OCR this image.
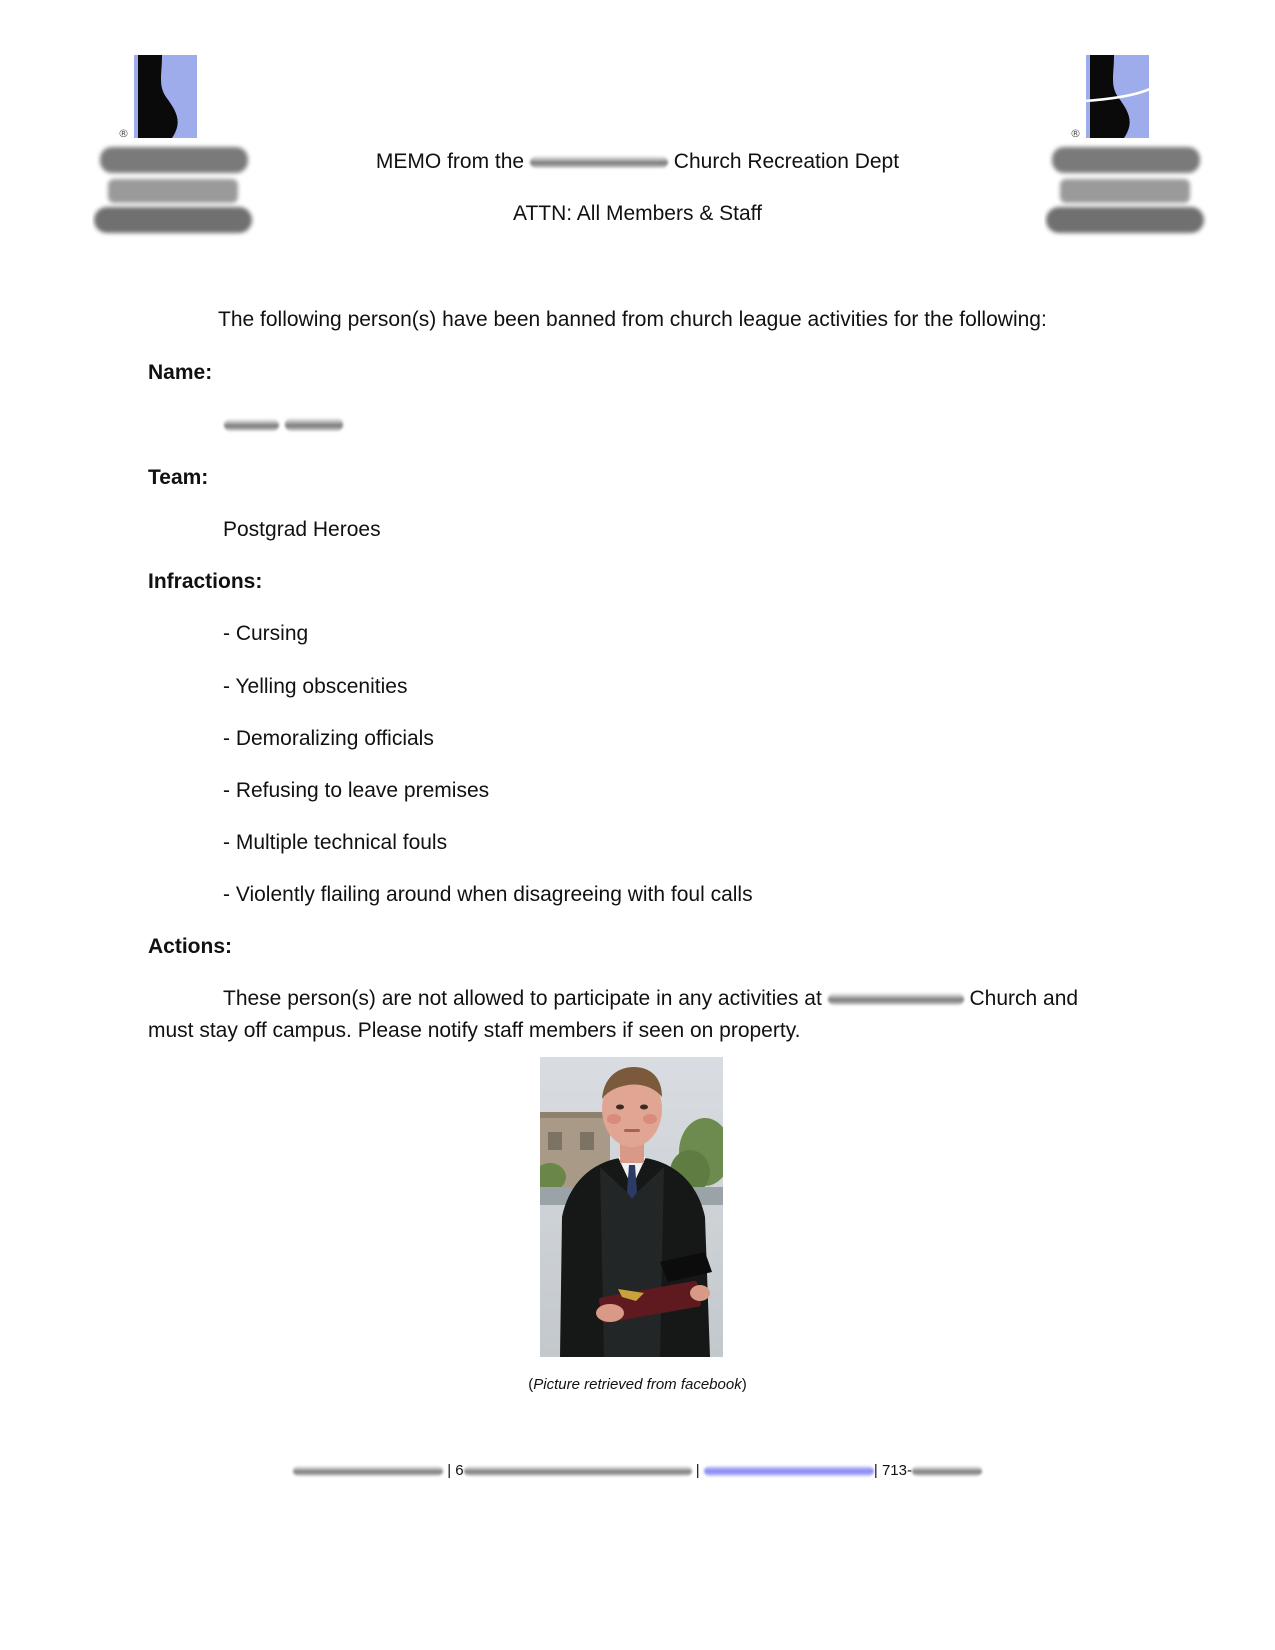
®	®
MEMO from the	Church Recreation Dept
ATTN: All Members & Staff
The following person(s) have been banned from church league activities for the following:
Name:

Team:
Postgrad Heroes
Infractions:
- Cursing
- Yelling obscenities
- Demoralizing officials
- Refusing to leave premises
- Multiple technical fouls
- Violently flailing around when disagreeing with foul calls
Actions:
These person(s) are not allowed to participate in any activities at	Church and
must stay off campus. Please notify staff members if seen on property.
(Picture retrieved from facebook)
| 6	|	| 713-
